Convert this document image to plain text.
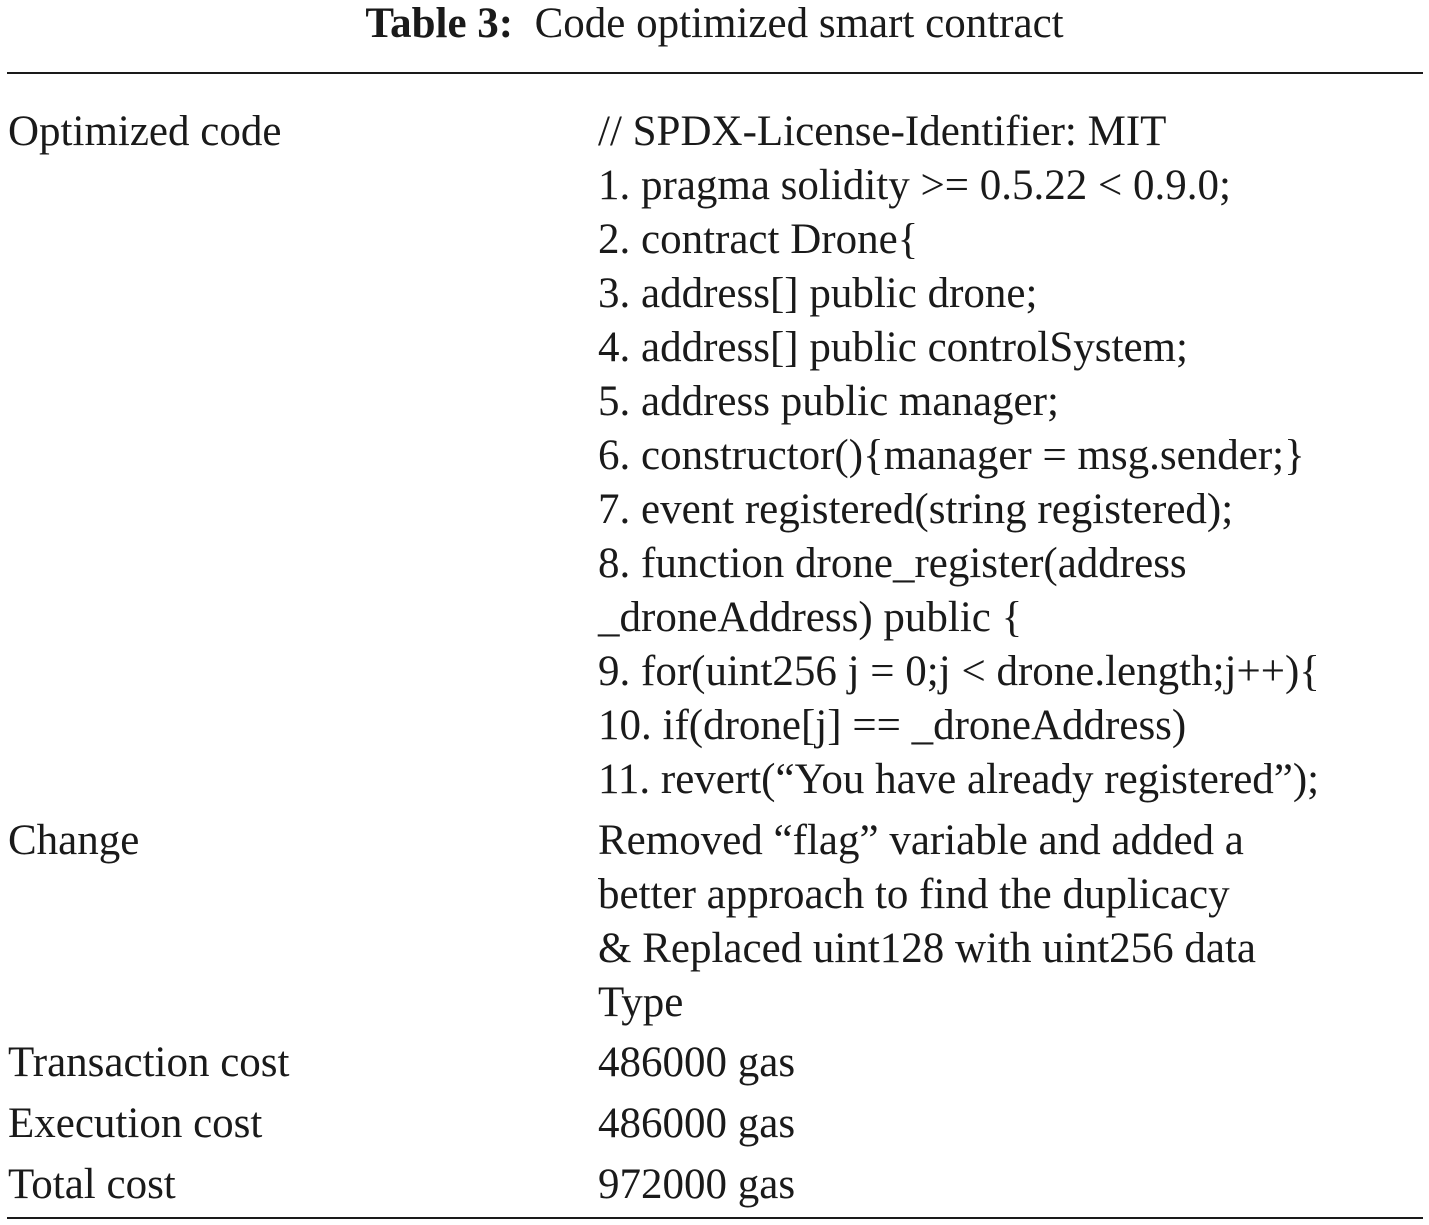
Table 3: Code optimized smart contract
Optimized code	// SPDX-License-Identifier: MIT
1. pragma solidity >= 0.5.22 < 0.9.0;
2. contract Drone{
3. address[] public drone;
4. address[] public controlSystem;
5. address public manager;
6. constructor(){manager = msg.sender;}
7. event registered(string registered);
8. function drone_register(address
_droneAddress) public {
9. for(uint256 j = 0;j < drone.length;j++){
10. if(drone[j] == _droneAddress)
11. revert(“You have already registered”);
Change	Removed “flag” variable and added a
better approach to find the duplicacy
& Replaced uint128 with uint256 data
Type
Transaction cost	486000 gas
Execution cost	486000 gas
Total cost	972000 gas
